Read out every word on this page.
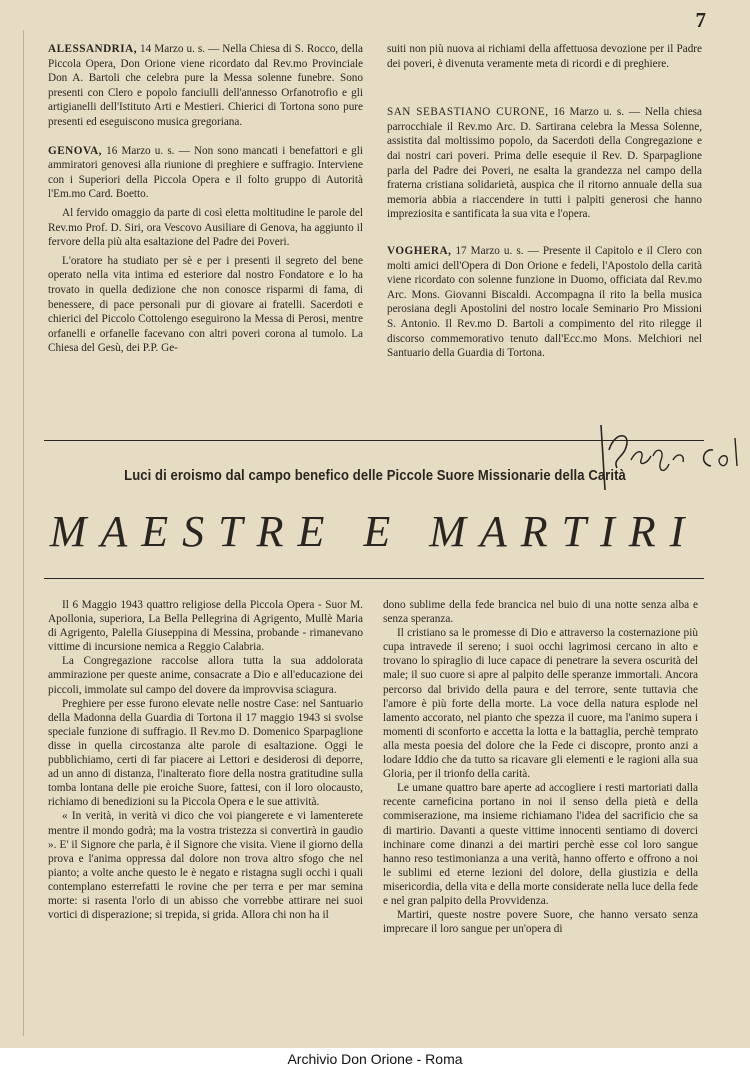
7

ALESSANDRIA, 14 Marzo u. s. — Nella Chiesa di S. Rocco, della Piccola Opera, Don Orione viene ricordato dal Rev.mo Provinciale Don A. Bartoli che celebra pure la Messa solenne funebre. Sono presenti con Clero e popolo fanciulli dell'annesso Orfanotrofio e gli artigianelli dell'Istituto Arti e Mestieri. Chierici di Tortona sono pure presenti ed eseguiscono musica gregoriana.

GENOVA, 16 Marzo u. s. — Non sono mancati i benefattori e gli ammiratori genovesi alla riunione di preghiere e suffragio. Interviene con i Superiori della Piccola Opera e il folto gruppo di Autorità l'Em.mo Card. Boetto.

Al fervido omaggio da parte di così eletta moltitudine le parole del Rev.mo Prof. D. Siri, ora Vescovo Ausiliare di Genova, ha aggiunto il fervore della più alta esaltazione del Padre dei Poveri.

L'oratore ha studiato per sè e per i presenti il segreto del bene operato nella vita intima ed esteriore dal nostro Fondatore e lo ha trovato in quella dedizione che non conosce risparmi di fama, di benessere, di pace personali pur di giovare ai fratelli. Sacerdoti e chierici del Piccolo Cottolengo eseguirono la Messa di Perosi, mentre orfanelli e orfanelle facevano con altri poveri corona al tumolo. La Chiesa del Gesù, dei P.P. Ge-

suiti non più nuova ai richiami della affettuosa devozione per il Padre dei poveri, è divenuta veramente meta di ricordi e di preghiere.

SAN SEBASTIANO CURONE, 16 Marzo u. s. — Nella chiesa parrocchiale il Rev.mo Arc. D. Sartirana celebra la Messa Solenne, assistita dal moltissimo popolo, da Sacerdoti della Congregazione e dai nostri cari poveri. Prima delle esequie il Rev. D. Sparpaglione parla del Padre dei Poveri, ne esalta la grandezza nel campo della fraterna cristiana solidarietà, auspica che il ritorno annuale della sua memoria abbia a riaccendere in tutti i palpiti generosi che hanno impreziosita e santificata la sua vita e l'opera.

VOGHERA, 17 Marzo u. s. — Presente il Capitolo e il Clero con molti amici dell'Opera di Don Orione e fedeli, l'Apostolo della carità viene ricordato con solenne funzione in Duomo, officiata dal Rev.mo Arc. Mons. Giovanni Biscaldi. Accompagna il rito la bella musica perosiana degli Apostolini del nostro locale Seminario Pro Missioni S. Antonio. Il Rev.mo D. Bartoli a compimento del rito rilegge il discorso commemorativo tenuto dall'Ecc.mo Mons. Melchiori nel Santuario della Guardia di Tortona.

Luci di eroismo dal campo benefico delle Piccole Suore Missionarie della Carità
MAESTRE E MARTIRI

Il 6 Maggio 1943 quattro religiose della Piccola Opera - Suor M. Apollonia, superiora, La Bella Pellegrina di Agrigento, Mullè Maria di Agrigento, Palella Giuseppina di Messina, probande - rimanevano vittime di incursione nemica a Reggio Calabria.

La Congregazione raccolse allora tutta la sua addolorata ammirazione per queste anime, consacrate a Dio e all'educazione dei piccoli, immolate sul campo del dovere da improvvisa sciagura.

Preghiere per esse furono elevate nelle nostre Case: nel Santuario della Madonna della Guardia di Tortona il 17 maggio 1943 si svolse speciale funzione di suffragio. Il Rev.mo D. Domenico Sparpaglione disse in quella circostanza alte parole di esaltazione. Oggi le pubblichiamo, certi di far piacere ai Lettori e desiderosi di deporre, ad un anno di distanza, l'inalterato fiore della nostra gratitudine sulla tomba lontana delle pie eroiche Suore, fattesi, con il loro olocausto, richiamo di benedizioni su la Piccola Opera e le sue attività.

« In verità, in verità vi dico che voi piangerete e vi lamenterete mentre il mondo godrà; ma la vostra tristezza si convertirà in gaudio ». E' il Signore che parla, è il Signore che visita. Viene il giorno della prova e l'anima oppressa dal dolore non trova altro sfogo che nel pianto; a volte anche questo le è negato e ristagna sugli occhi i quali contemplano esterrefatti le rovine che per terra e per mar semina morte: si rasenta l'orlo di un abisso che vorrebbe attirare nei suoi vortici di disperazione; si trepida, si grida. Allora chi non ha il

dono sublime della fede brancica nel buio di una notte senza alba e senza speranza.

Il cristiano sa le promesse di Dio e attraverso la costernazione più cupa intravede il sereno; i suoi occhi lagrimosi cercano in alto e trovano lo spiraglio di luce capace di penetrare la severa oscurità del male; il suo cuore si apre al palpito delle speranze immortali. Ancora percorso dal brivido della paura e del terrore, sente tuttavia che l'amore è più forte della morte. La voce della natura esplode nel lamento accorato, nel pianto che spezza il cuore, ma l'animo supera i momenti di sconforto e accetta la lotta e la battaglia, perchè temprato alla mesta poesia del dolore che la Fede ci discopre, pronto anzi a lodare Iddio che da tutto sa ricavare gli elementi e le ragioni alla sua Gloria, per il trionfo della carità.

Le umane quattro bare aperte ad accogliere i resti martoriati dalla recente carneficina portano in noi il senso della pietà e della commiserazione, ma insieme richiamano l'idea del sacrificio che sa di martirio. Davanti a queste vittime innocenti sentiamo di doverci inchinare come dinanzi a dei martiri perchè esse col loro sangue hanno reso testimonianza a una verità, hanno offerto e offrono a noi le sublimi ed eterne lezioni del dolore, della giustizia e della misericordia, della vita e della morte considerate nella luce della fede e nel gran palpito della Provvidenza.

Martiri, queste nostre povere Suore, che hanno versato senza imprecare il loro sangue per un'opera di

Archivio Don Orione - Roma
